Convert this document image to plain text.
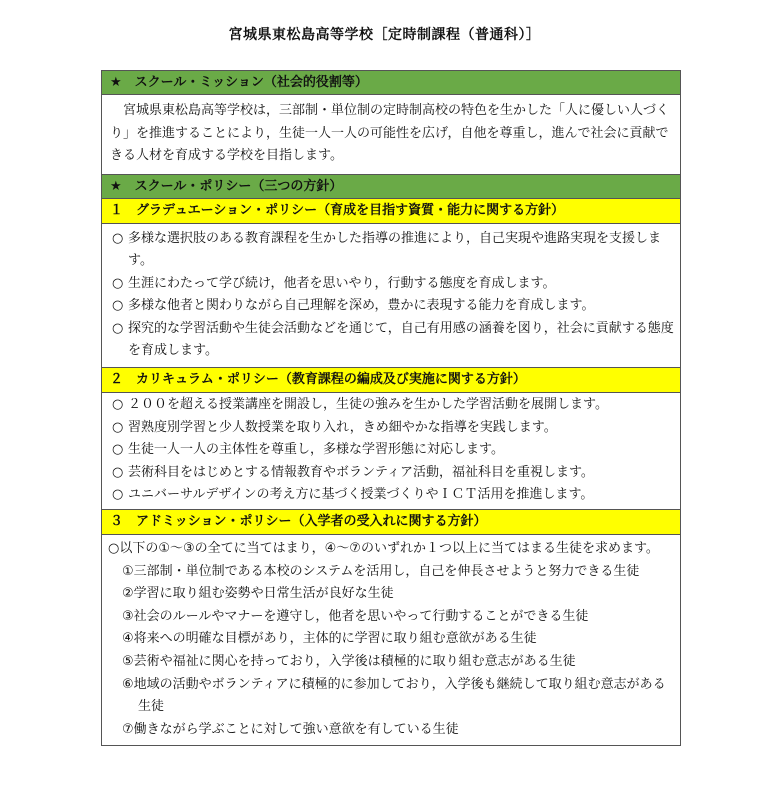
宮城県東松島高等学校［定時制課程（普通科）］
★　スクール・ミッション（社会的役割等）
宮城県東松島高等学校は，三部制・単位制の定時制高校の特色を生かした「人に優しい人づくり」を推進することにより，生徒一人一人の可能性を広げ，自他を尊重し，進んで社会に貢献できる人材を育成する学校を目指します。
★　スクール・ポリシー（三つの方針）
１　グラデュエーション・ポリシー（育成を目指す資質・能力に関する方針）
○ 多様な選択肢のある教育課程を生かした指導の推進により，自己実現や進路実現を支援します。
○ 生涯にわたって学び続け，他者を思いやり，行動する態度を育成します。
○ 多様な他者と関わりながら自己理解を深め，豊かに表現する能力を育成します。
○ 探究的な学習活動や生徒会活動などを通じて，自己有用感の涵養を図り，社会に貢献する態度を育成します。
２　カリキュラム・ポリシー（教育課程の編成及び実施に関する方針）
○ ２００を超える授業講座を開設し，生徒の強みを生かした学習活動を展開します。
○ 習熟度別学習と少人数授業を取り入れ，きめ細やかな指導を実践します。
○ 生徒一人一人の主体性を尊重し，多様な学習形態に対応します。
○ 芸術科目をはじめとする情報教育やボランティア活動，福祉科目を重視します。
○ ユニバーサルデザインの考え方に基づく授業づくりやＩＣＴ活用を推進します。
３　アドミッション・ポリシー（入学者の受入れに関する方針）
○以下の①～③の全てに当てはまり，④～⑦のいずれか１つ以上に当てはまる生徒を求めます。
①三部制・単位制である本校のシステムを活用し，自己を伸長させようと努力できる生徒
②学習に取り組む姿勢や日常生活が良好な生徒
③社会のルールやマナーを遵守し，他者を思いやって行動することができる生徒
④将来への明確な目標があり，主体的に学習に取り組む意欲がある生徒
⑤芸術や福祉に関心を持っており，入学後は積極的に取り組む意志がある生徒
⑥地域の活動やボランティアに積極的に参加しており，入学後も継続して取り組む意志がある生徒
⑦働きながら学ぶことに対して強い意欲を有している生徒
